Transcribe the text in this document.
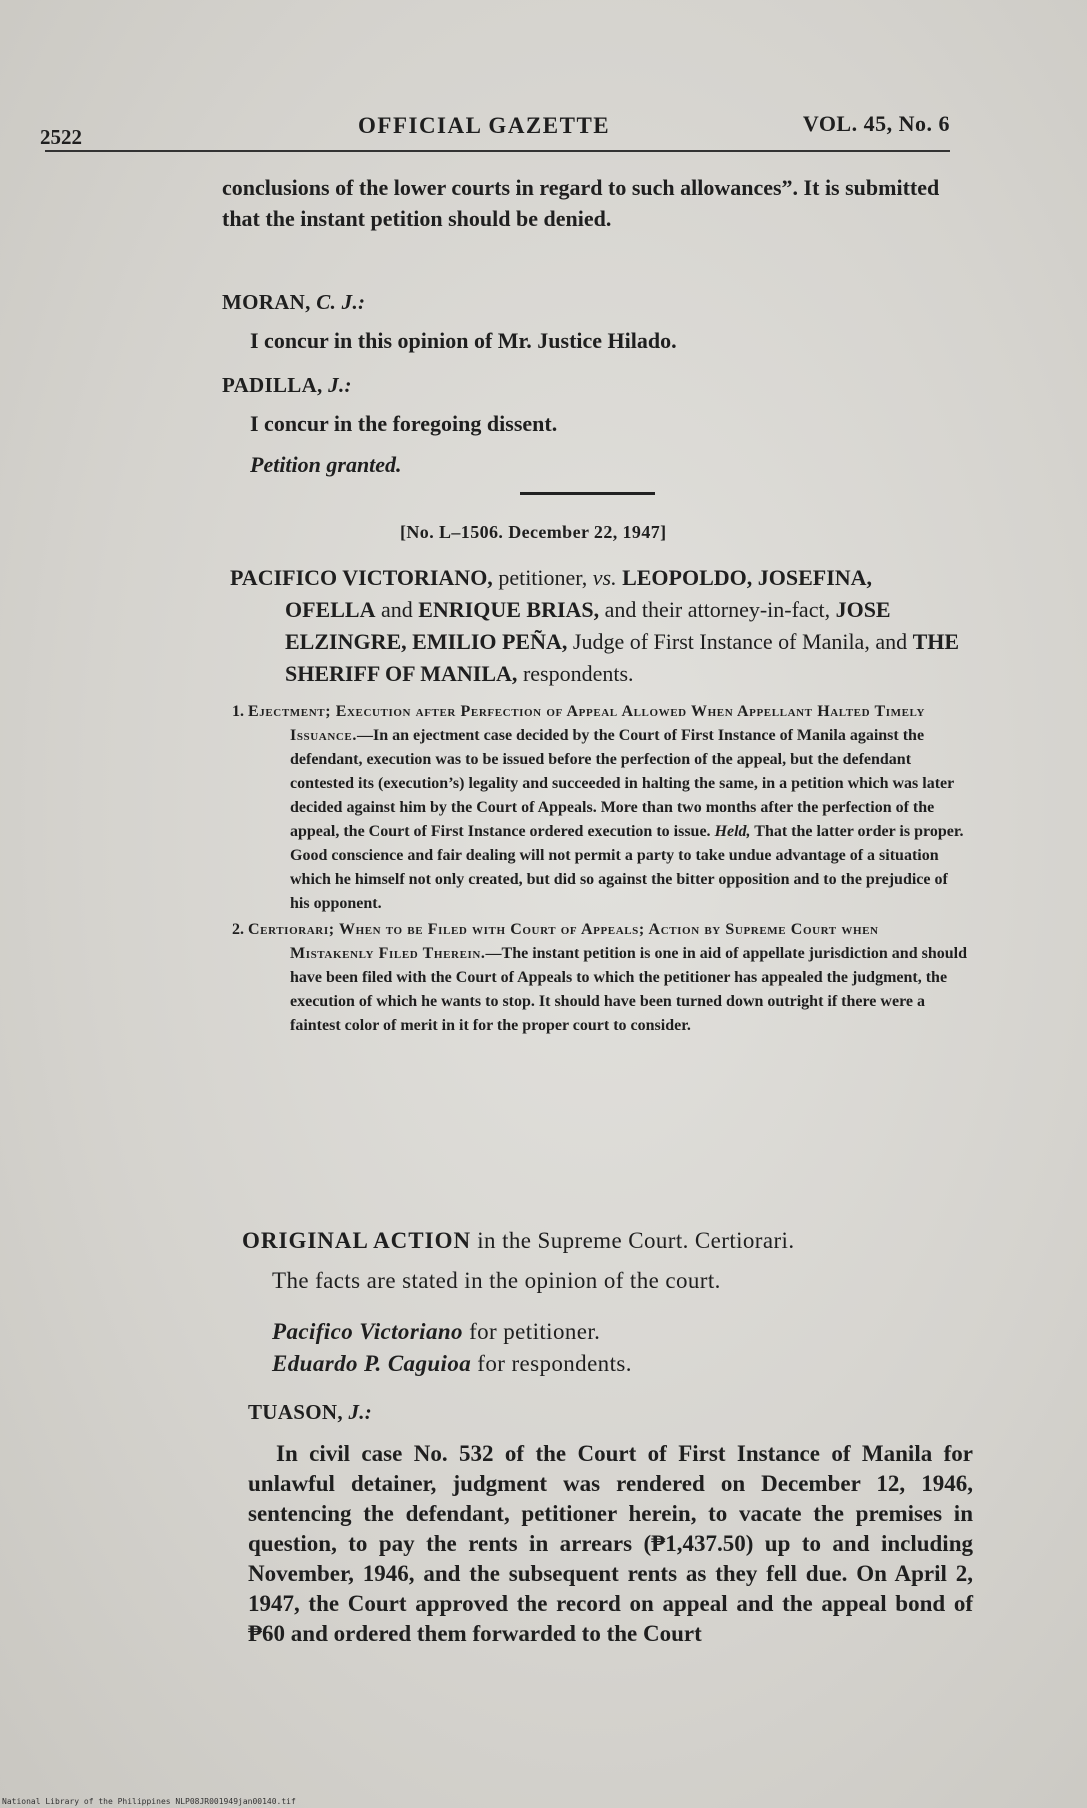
2522	OFFICIAL GAZETTE	VOL. 45, No. 6

conclusions of the lower courts in regard to such allowances”. It is submitted that the instant petition should be denied.

MORAN, C. J.:

I concur in this opinion of Mr. Justice Hilado.

PADILLA, J.:

I concur in the foregoing dissent.

Petition granted.

[No. L–1506. December 22, 1947]

PACIFICO VICTORIANO, petitioner, vs. LEOPOLDO, JOSEFINA, OFELLA and ENRIQUE BRIAS, and their attorney-in-fact, JOSE ELZINGRE, EMILIO PEÑA, Judge of First Instance of Manila, and THE SHERIFF OF MANILA, respondents.

1. Ejectment; Execution after Perfection of Appeal Allowed When Appellant Halted Timely Issuance.—In an ejectment case decided by the Court of First Instance of Manila against the defendant, execution was to be issued before the perfection of the appeal, but the defendant contested its (execution’s) legality and succeeded in halting the same, in a petition which was later decided against him by the Court of Appeals. More than two months after the perfection of the appeal, the Court of First Instance ordered execution to issue. Held, That the latter order is proper. Good conscience and fair dealing will not permit a party to take undue advantage of a situation which he himself not only created, but did so against the bitter opposition and to the prejudice of his opponent.

2. Certiorari; When to be Filed with Court of Appeals; Action by Supreme Court when Mistakenly Filed Therein.—The instant petition is one in aid of appellate jurisdiction and should have been filed with the Court of Appeals to which the petitioner has appealed the judgment, the execution of which he wants to stop. It should have been turned down outright if there were a faintest color of merit in it for the proper court to consider.

ORIGINAL ACTION in the Supreme Court. Certiorari.

The facts are stated in the opinion of the court.

Pacifico Victoriano for petitioner.

Eduardo P. Caguioa for respondents.

TUASON, J.:

In civil case No. 532 of the Court of First Instance of Manila for unlawful detainer, judgment was rendered on December 12, 1946, sentencing the defendant, petitioner herein, to vacate the premises in question, to pay the rents in arrears (₱1,437.50) up to and including November, 1946, and the subsequent rents as they fell due. On April 2, 1947, the Court approved the record on appeal and the appeal bond of ₱60 and ordered them forwarded to the Court

National Library of the Philippines NLP08JR001949jan00140.tif
